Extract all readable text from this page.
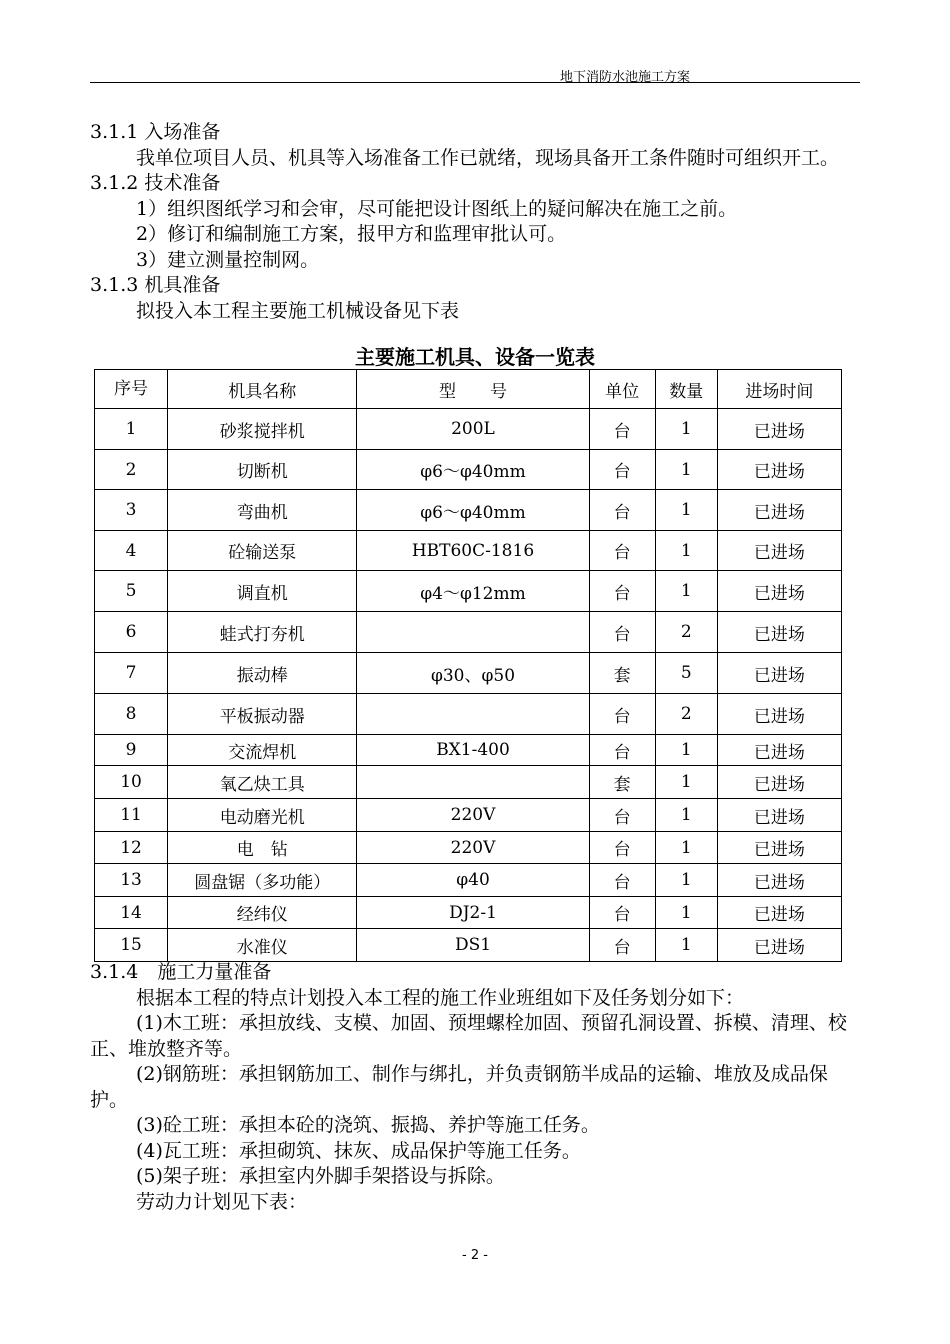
地下消防水池施工方案
3.1.1 入场准备
我单位项目人员、机具等入场准备工作已就绪，现场具备开工条件随时可组织开工。
3.1.2 技术准备
1）组织图纸学习和会审，尽可能把设计图纸上的疑问解决在施工之前。
2）修订和编制施工方案，报甲方和监理审批认可。
3）建立测量控制网。
3.1.3 机具准备
拟投入本工程主要施工机械设备见下表
主要施工机具、设备一览表
序号	机具名称	型　　号	单位	数量	进场时间
1	砂浆搅拌机	200L	台	1	已进场
2	切断机	φ6～φ40mm	台	1	已进场
3	弯曲机	φ6～φ40mm	台	1	已进场
4	砼输送泵	HBT60C-1816	台	1	已进场
5	调直机	φ4～φ12mm	台	1	已进场
6	蛙式打夯机		台	2	已进场
7	振动棒	φ30、φ50	套	5	已进场
8	平板振动器		台	2	已进场
9	交流焊机	BX1-400	台	1	已进场
10	氧乙炔工具		套	1	已进场
11	电动磨光机	220V	台	1	已进场
12	电　钻	220V	台	1	已进场
13	圆盘锯（多功能）	φ40	台	1	已进场
14	经纬仪	DJ2-1	台	1	已进场
15	水准仪	DS1	台	1	已进场
3.1.4　施工力量准备
根据本工程的特点计划投入本工程的施工作业班组如下及任务划分如下：
(1)木工班：承担放线、支模、加固、预埋螺栓加固、预留孔洞设置、拆模、清理、校正、堆放整齐等。
(2)钢筋班：承担钢筋加工、制作与绑扎，并负责钢筋半成品的运输、堆放及成品保护。
(3)砼工班：承担本砼的浇筑、振捣、养护等施工任务。
(4)瓦工班：承担砌筑、抹灰、成品保护等施工任务。
(5)架子班：承担室内外脚手架搭设与拆除。
劳动力计划见下表：
- 2 -
